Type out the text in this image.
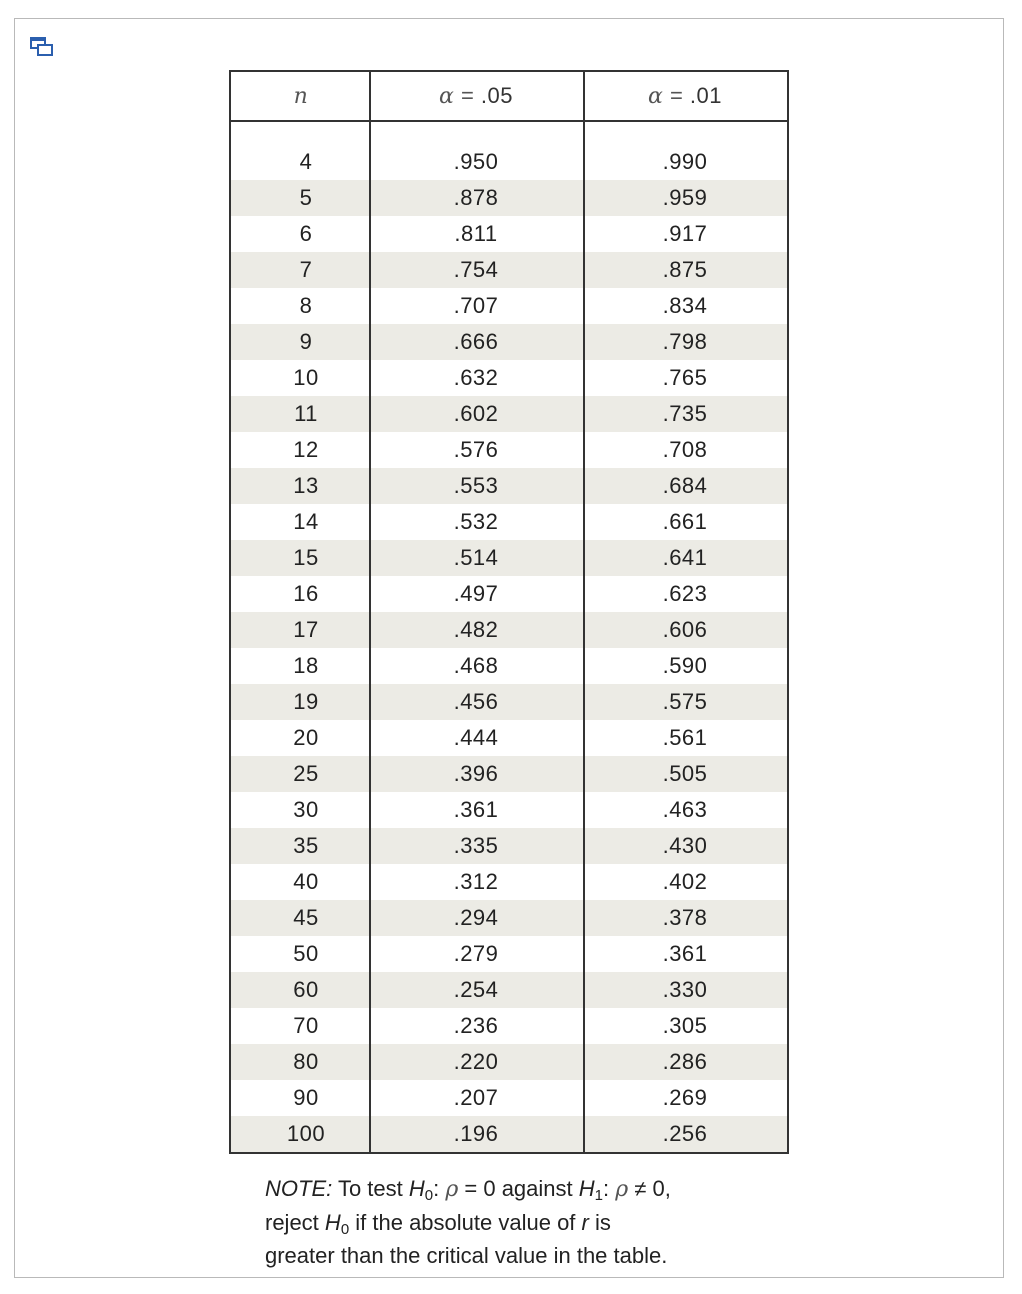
n	α = .05	α = .01
4	.950	.990
5	.878	.959
6	.811	.917
7	.754	.875
8	.707	.834
9	.666	.798
10	.632	.765
11	.602	.735
12	.576	.708
13	.553	.684
14	.532	.661
15	.514	.641
16	.497	.623
17	.482	.606
18	.468	.590
19	.456	.575
20	.444	.561
25	.396	.505
30	.361	.463
35	.335	.430
40	.312	.402
45	.294	.378
50	.279	.361
60	.254	.330
70	.236	.305
80	.220	.286
90	.207	.269
100	.196	.256
NOTE: To test $H_0$: ρ = 0 against $H_1$: ρ ≠ 0,
reject $H_0$ if the absolute value of r is
greater than the critical value in the table.
